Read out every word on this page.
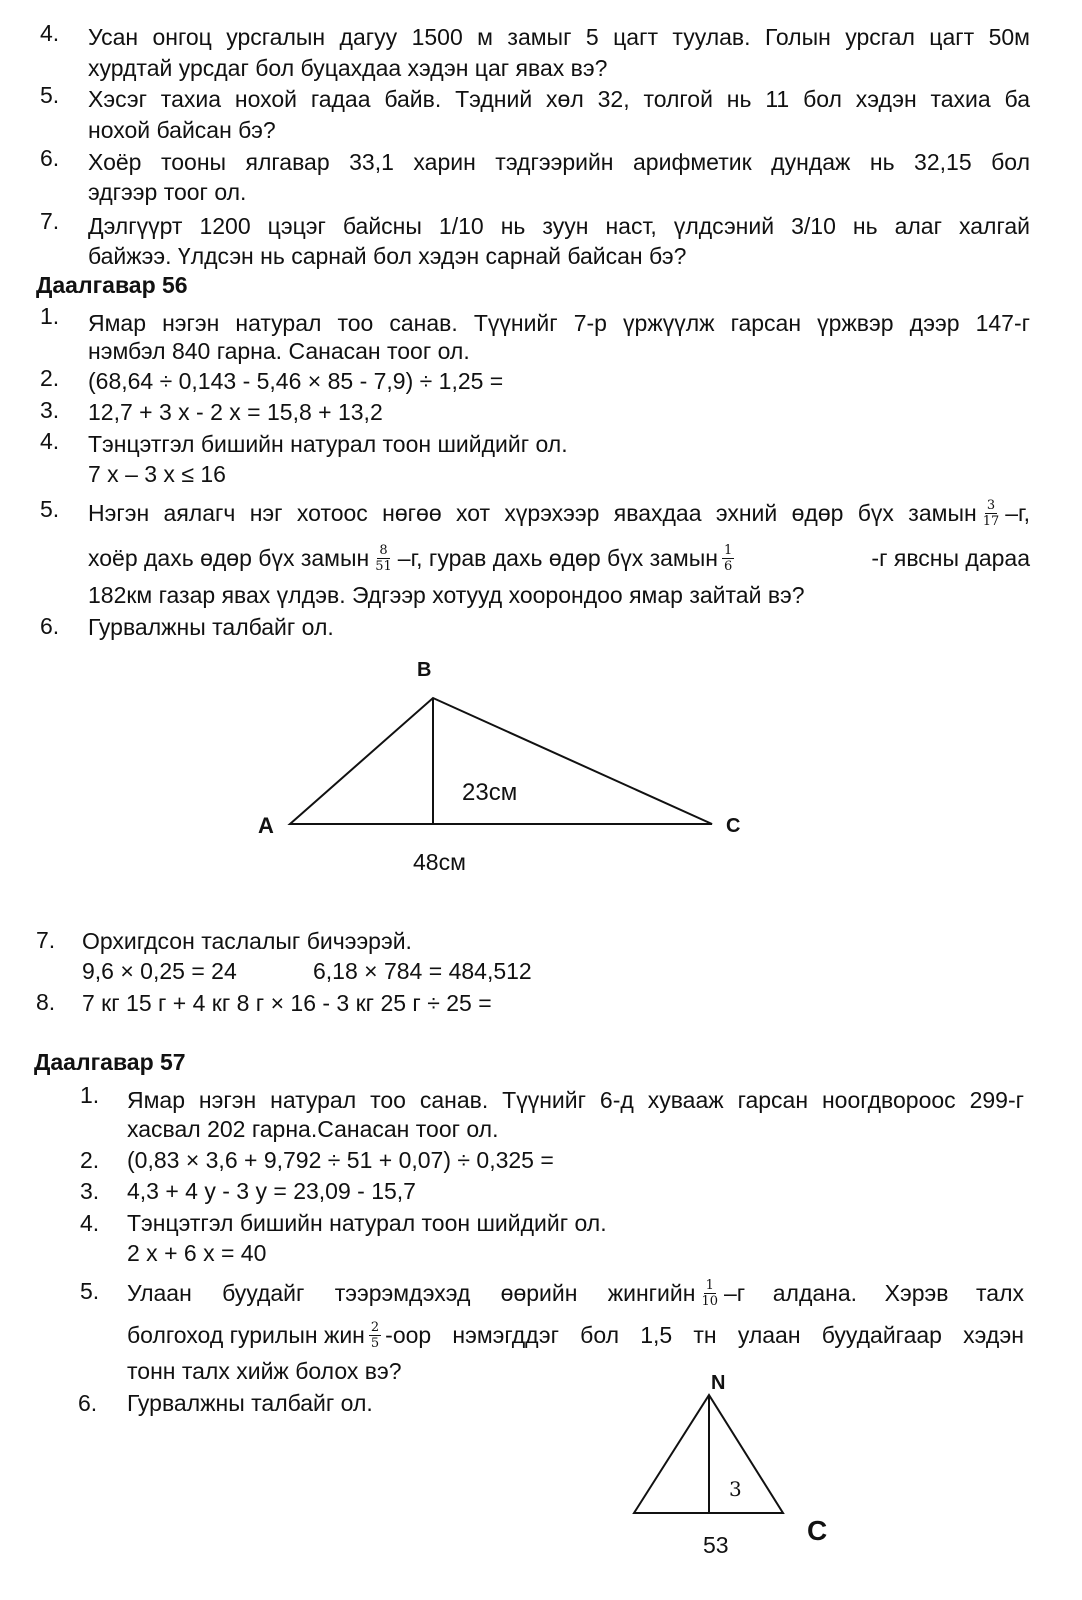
4. Усан онгоц урсгалын дагуу 1500 м замыг 5 цагт туулав. Голын урсгал цагт 50м
хурдтай урсдаг бол буцахдаа хэдэн цаг явах вэ?
5. Хэсэг тахиа нохой гадаа байв. Тэдний хөл 32, толгой нь 11 бол хэдэн тахиа ба
нохой байсан бэ?
6. Хоёр тооны ялгавар 33,1 харин тэдгээрийн арифметик дундаж нь 32,15 бол
эдгээр тоог ол.
7. Дэлгүүрт 1200 цэцэг байсны 1/10 нь зуун наст, үлдсэний 3/10 нь алаг халгай
байжээ. Үлдсэн нь сарнай бол хэдэн сарнай байсан бэ?
Даалгавар 56
1. Ямар нэгэн натурал тоо санав. Түүнийг 7-р үржүүлж гарсан үржвэр дээр 147-г
нэмбэл 840 гарна. Санасан тоог ол.
2. (68,64 ÷ 0,143 - 5,46 × 85 - 7,9) ÷ 1,25 =
3. 12,7 + 3 х - 2 х = 15,8 + 13,2
4. Тэнцэтгэл бишийн натурал тоон шийдийг ол.
7 х – 3 х ≤ 16
5. Нэгэн аялагч нэг хотоос нөгөө хот хүрэхээр явахдаа эхний өдөр бүх замын $\frac{3}{17} -г$,
хоёр дахь өдөр бүх замын $\frac{8}{51} -г$, гурав дахь өдөр бүх замын $\frac{1}{6}$	-г явсны дараа
182км газар явах үлдэв. Эдгээр хотууд хоорондоо ямар зайтай вэ?
6. Гурвалжны талбайг ол.
B
A	C
23см
48см
N
C
3
53
7. Орхигдсон таслалыг бичээрэй.
9,6 × 0,25 = 24	6,18 × 784 = 484,512
8. 7 кг 15 г + 4 кг 8 г × 16 - 3 кг 25 г ÷ 25 =
Даалгавар 57
1. Ямар нэгэн натурал тоо санав. Түүнийг 6-д хувааж гарсан ноогдвороос 299-г
хасвал 202 гарна.Санасан тоог ол.
2. (0,83 × 3,6 + 9,792 ÷ 51 + 0,07) ÷ 0,325 =
3. 4,3 + 4 у - 3 у = 23,09 - 15,7
4. Тэнцэтгэл бишийн натурал тоон шийдийг ол.
2 х + 6 х = 40
5. Улаан буудайг тээрэмдэхэд өөрийн жингийн $\frac{1}{10} -г$ алдана. Хэрэв талх
болгоход гурилын жин $\frac{2}{5} -оор$ нэмэгддэг бол 1,5 тн улаан буудайгаар хэдэн
тонн талх хийж болох вэ?
6. Гурвалжны талбайг ол.
